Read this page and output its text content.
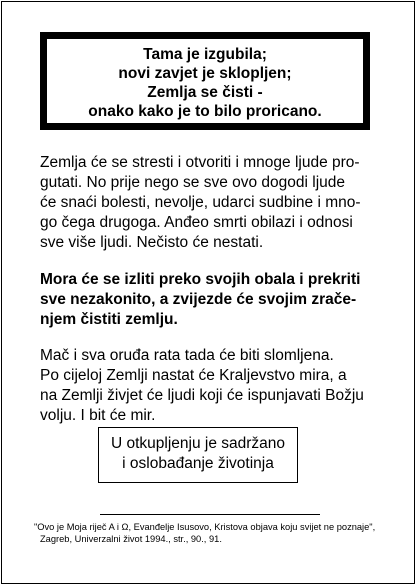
Tama je izgubila;
novi zavjet je sklopljen;
Zemlja se čisti -
onako kako je to bilo proricano.
Zemlja će se stresti i otvoriti i mnoge ljude pro-
gutati. No prije nego se sve ovo dogodi ljude
će snaći bolesti, nevolje, udarci sudbine i mno-
go čega drugoga. Anđeo smrti obilazi i odnosi
sve više ljudi. Nečisto će nestati.
Mora će se izliti preko svojih obala i prekriti
sve nezakonito, a zvijezde će svojim zrače-
njem čistiti zemlju.
Mač i sva oruđa rata tada će biti slomljena.
Po cijeloj Zemlji nastat će Kraljevstvo mira, a
na Zemlji živjet će ljudi koji će ispunjavati Božju
volju. I bit će mir.
U otkupljenju je sadržano
i oslobađanje životinja
"Ovo je Moja riječ A i Ω, Evanđelje Isusovo, Kristova objava koju svijet ne poznaje",
Zagreb, Univerzalni život 1994., str., 90., 91.
